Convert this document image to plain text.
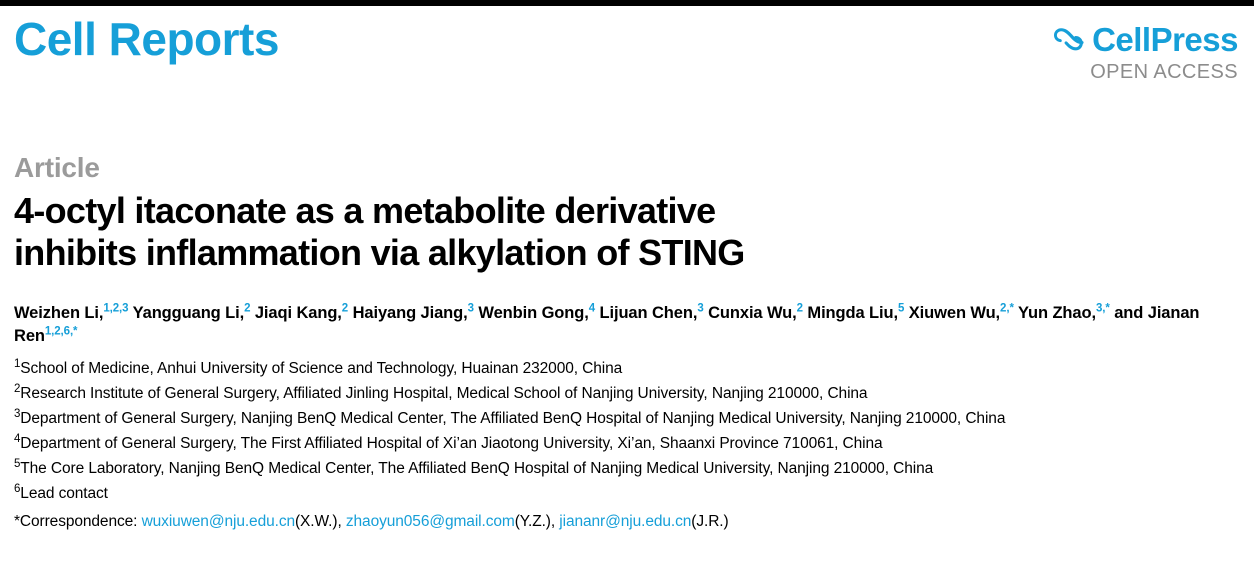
Cell Reports	CellPress
OPEN ACCESS
Article
4-octyl itaconate as a metabolite derivative
inhibits inflammation via alkylation of STING
Weizhen Li,$^{1,2,3}$ Yangguang Li,$^2$ Jiaqi Kang,$^2$ Haiyang Jiang,$^3$ Wenbin Gong,$^4$ Lijuan Chen,$^3$ Cunxia Wu,$^2$ Mingda Liu,$^5$ Xiuwen Wu,$^{2,*}$ Yun Zhao,$^{3,*}$ and Jianan Ren$^{1,2,6,*}$

$^1$School of Medicine, Anhui University of Science and Technology, Huainan 232000, China

$^2$Research Institute of General Surgery, Affiliated Jinling Hospital, Medical School of Nanjing University, Nanjing 210000, China

$^3$Department of General Surgery, Nanjing BenQ Medical Center, The Affiliated BenQ Hospital of Nanjing Medical University, Nanjing 210000, China

$^4$Department of General Surgery, The First Affiliated Hospital of Xi’an Jiaotong University, Xi’an, Shaanxi Province 710061, China

$^5$The Core Laboratory, Nanjing BenQ Medical Center, The Affiliated BenQ Hospital of Nanjing Medical University, Nanjing 210000, China

$^6$Lead contact

*Correspondence: wuxiuwen@nju.edu.cn(X.W.), zhaoyun056@gmail.com(Y.Z.), jiananr@nju.edu.cn(J.R.)
